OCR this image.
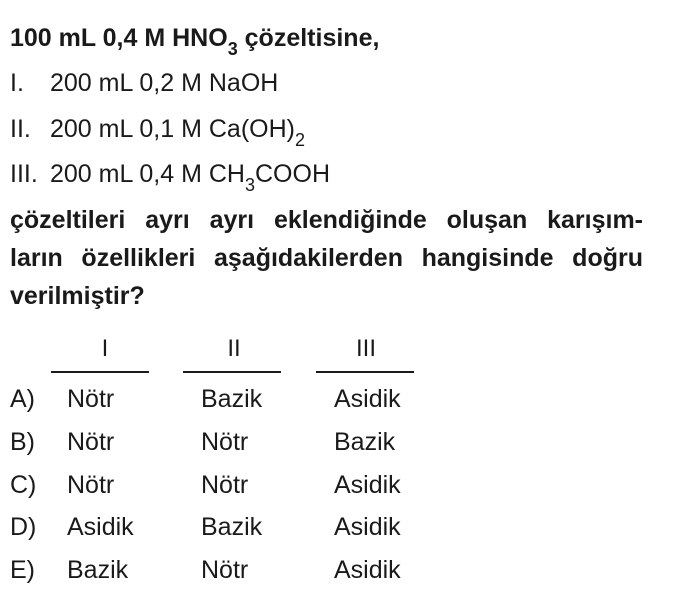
100 mL 0,4 M $HNO_3$ çözeltisine,
I. 200 mL 0,2 M NaOH
II. 200 mL 0,1 M $Ca(OH)_2$
III. 200 mL 0,4 M $CH_3COOH$
çözeltileri ayrı ayrı eklendiğinde oluşan karışım-
ların özellikleri aşağıdakilerden hangisinde doğru
verilmiştir?
I	II	III
A) Nötr	Bazik	Asidik
B) Nötr	Nötr	Bazik
C) Nötr	Nötr	Asidik
D) Asidik	Bazik	Asidik
E) Bazik	Nötr	Asidik
